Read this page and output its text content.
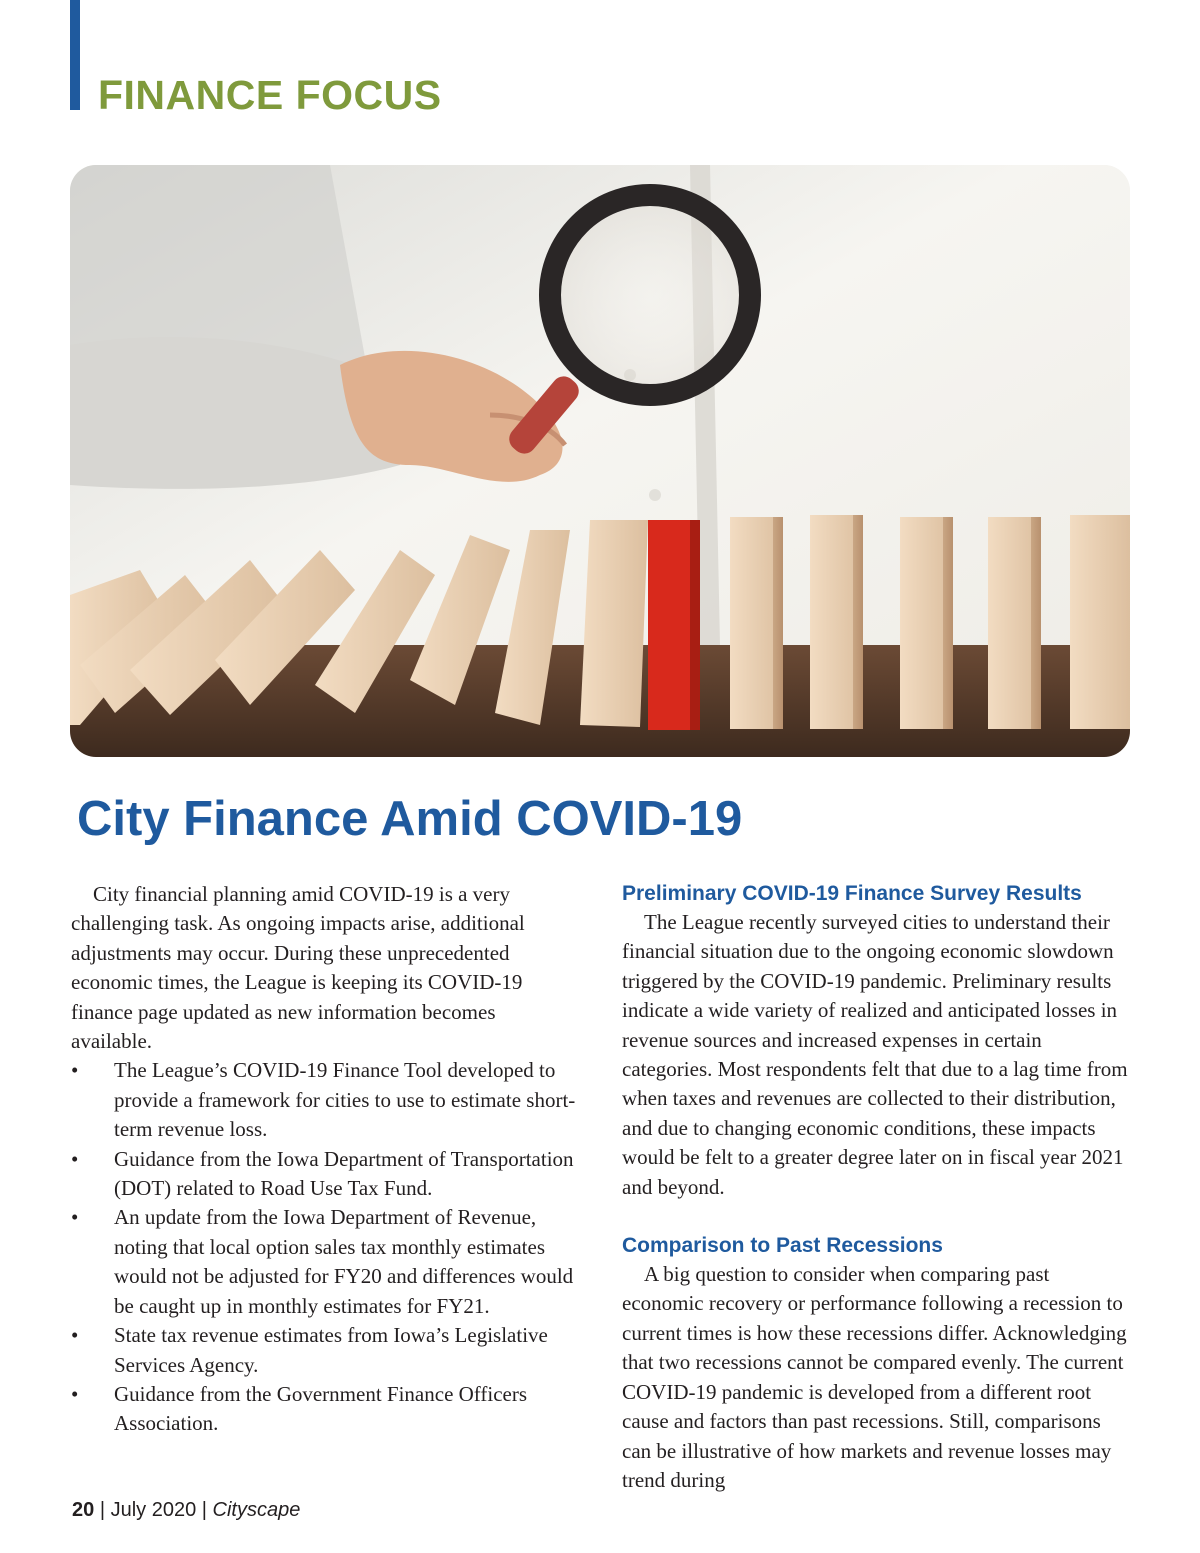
FINANCE FOCUS
City Finance Amid COVID-19

City financial planning amid COVID-19 is a very challenging task. As ongoing impacts arise, additional adjustments may occur. During these unprecedented economic times, the League is keeping its COVID-19 finance page updated as new information becomes available.

• The League’s COVID-19 Finance Tool developed to provide a framework for cities to use to estimate short-term revenue loss.
• Guidance from the Iowa Department of Transportation (DOT) related to Road Use Tax Fund.
• An update from the Iowa Department of Revenue, noting that local option sales tax monthly estimates would not be adjusted for FY20 and differences would be caught up in monthly estimates for FY21.
• State tax revenue estimates from Iowa’s Legislative Services Agency.
• Guidance from the Government Finance Officers Association.
Preliminary COVID-19 Finance Survey Results

The League recently surveyed cities to understand their financial situation due to the ongoing economic slowdown triggered by the COVID-19 pandemic. Preliminary results indicate a wide variety of realized and anticipated losses in revenue sources and increased expenses in certain categories. Most respondents felt that due to a lag time from when taxes and revenues are collected to their distribution, and due to changing economic conditions, these impacts would be felt to a greater degree later on in fiscal year 2021 and beyond.

Comparison to Past Recessions

A big question to consider when comparing past economic recovery or performance following a recession to current times is how these recessions differ. Acknowledging that two recessions cannot be compared evenly. The current COVID-19 pandemic is developed from a different root cause and factors than past recessions. Still, comparisons can be illustrative of how markets and revenue losses may trend during

20 | July 2020 | Cityscape
